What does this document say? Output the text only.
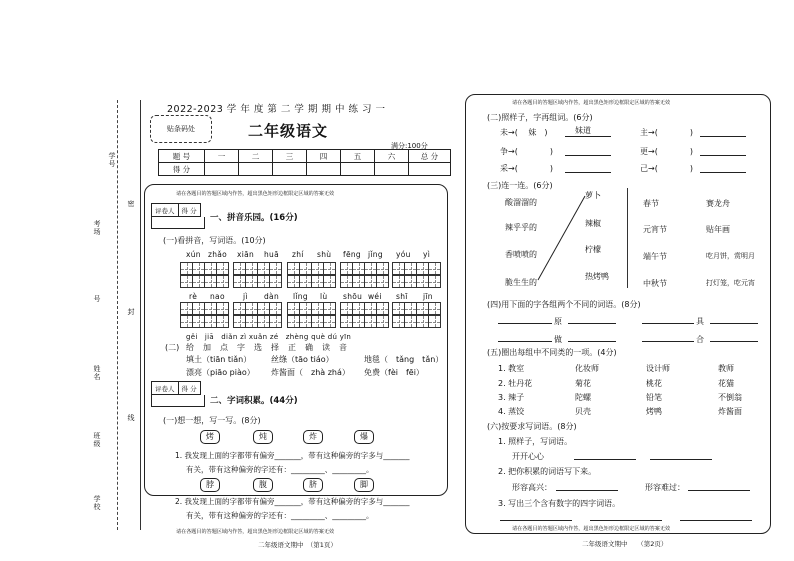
学号
考场
号
姓名
班级
学校
密
封
线
2022-2023 学 年 度 第 二 学 期 期 中 练 习 一
贴条码处	二年级语文
满分:100分
题 号	一	二	三	四	五	六	总 分
得 分							
请在各题目的答题区域内作答，超出黑色矩形边框限定区域的答案无效
评卷人	得 分
一、拼音乐园。(16分)
(一)看拼音，写词语。(10分)
xún zhǎo xiān huā zhí shù fēng jǐng yóu yì
rè nao jì dàn lǐng lù shōu wéi shī jīn
gěi　jiā　diǎn zì xuǎn zé　zhèng què dú yīn
(二) 给　加　点　字　选　择　正　确　读　音
填土（tiān tiǎn） 丝绦（tāo tiáo）	地毯（　tǎng　tǎn）
漂亮（piāo piào） 炸酱面（　zhà zhá） 免费（fèi　fēi）
评卷人	得 分
二、字词积累。(44分)
(一)想一想，写一写。(8分)
烤	炖	炸	爆
1. 我发现上面的字都带有偏旁_______，带有这种偏旁的字多与_______
有关，带有这种偏旁的字还有：_________、_________。
脖	腹	脐	脚
2. 我发现上面的字都带有偏旁_______，带有这种偏旁的字多与_______
有关，带有这种偏旁的字还有：_________、_________。
请在各题目的答题区域内作答，超出黑色矩形边框限定区域的答案无效
二年级语文期中　（第1页）
请在各题目的答题区域内作答，超出黑色矩形边框限定区域的答案无效
(二)照样子，字再组词。(6分)
未→(　 妹　)	妹道	主→(　　　　)
争→(　　　　)	更→(　　　　)
采→(　　　　)	己→(　　　　)
(三)连一连。(6分)
酸溜溜的
辣乎乎的
香喷喷的
脆生生的
萝卜
辣椒
柠檬
热烤鸭
春节
元宵节
端午节
中秋节
赛龙舟
贴年画
吃月饼，赏明月
打灯笼，吃元宵
(四)用下面的字各组两个不同的词语。(8分)
原	具
做	合
(五)圈出每组中不同类的一项。(4分)
1. 教室	化妆师	设计师	教师
2. 牡丹花	菊花	桃花	花猫
3. 辣子	陀螺	铅笔	不倒翁
4. 蒸饺	贝壳	烤鸭	炸酱面
(六)按要求写词语。(8分)
1. 照样子，写词语。
开开心心
2. 把你积累的词语写下来。
形容高兴：	形容难过：
3. 写出三个含有数字的四字词语。
请在各题目的答题区域内作答，超出黑色矩形边框限定区域的答案无效
二年级语文期中　　（第2页）
